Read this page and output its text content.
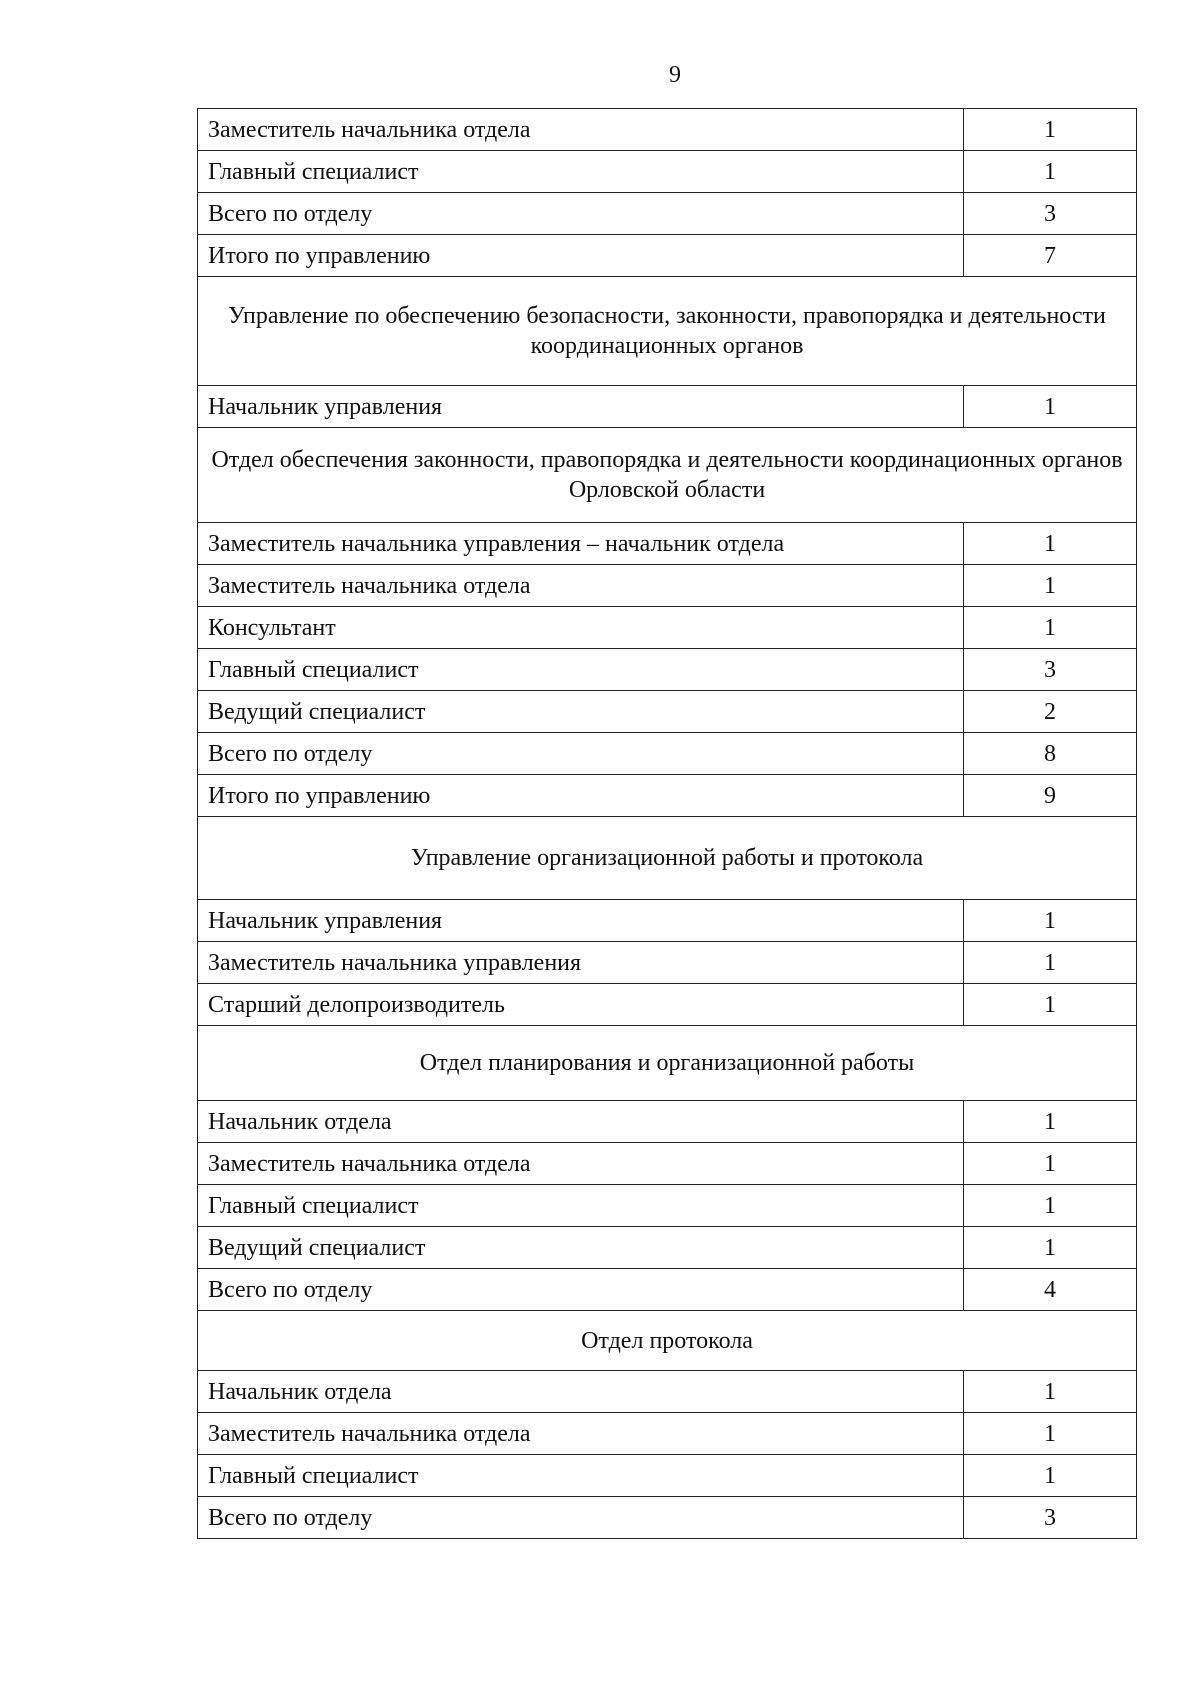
9
Заместитель начальника отдела	1
Главный специалист	1
Всего по отделу	3
Итого по управлению	7
Управление по обеспечению безопасности, законности, правопорядка и деятельности координационных органов	
Начальник управления	1
Отдел обеспечения законности, правопорядка и деятельности координационных органов Орловской области	
Заместитель начальника управления – начальник отдела	1
Заместитель начальника отдела	1
Консультант	1
Главный специалист	3
Ведущий специалист	2
Всего по отделу	8
Итого по управлению	9
Управление организационной работы и протокола	
Начальник управления	1
Заместитель начальника управления	1
Старший делопроизводитель	1
Отдел планирования и организационной работы	
Начальник отдела	1
Заместитель начальника отдела	1
Главный специалист	1
Ведущий специалист	1
Всего по отделу	4
Отдел протокола	
Начальник отдела	1
Заместитель начальника отдела	1
Главный специалист	1
Всего по отделу	3
